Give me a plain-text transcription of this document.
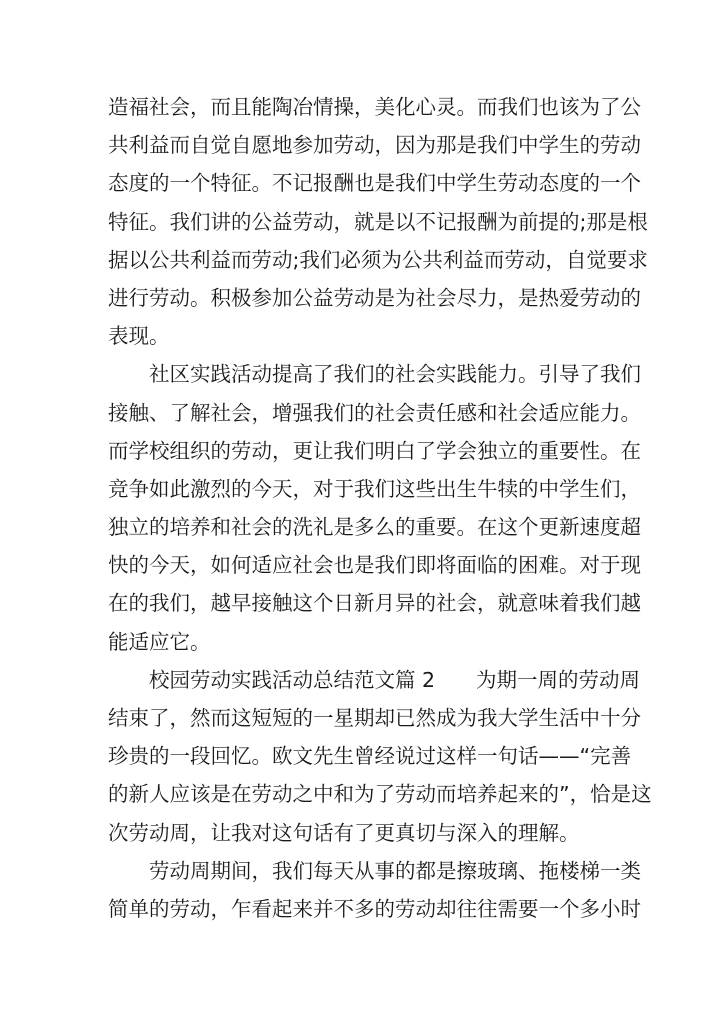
造福社会，而且能陶冶情操，美化心灵。而我们也该为了公
共利益而自觉自愿地参加劳动，因为那是我们中学生的劳动
态度的一个特征。不记报酬也是我们中学生劳动态度的一个
特征。我们讲的公益劳动，就是以不记报酬为前提的;那是根
据以公共利益而劳动;我们必须为公共利益而劳动，自觉要求
进行劳动。积极参加公益劳动是为社会尽力，是热爱劳动的
表现。
社区实践活动提高了我们的社会实践能力。引导了我们
接触、了解社会，增强我们的社会责任感和社会适应能力。
而学校组织的劳动，更让我们明白了学会独立的重要性。在
竞争如此激烈的今天，对于我们这些出生牛犊的中学生们，
独立的培养和社会的洗礼是多么的重要。在这个更新速度超
快的今天，如何适应社会也是我们即将面临的困难。对于现
在的我们，越早接触这个日新月异的社会，就意味着我们越
能适应它。
校园劳动实践活动总结范文篇 2　　为期一周的劳动周
结束了，然而这短短的一星期却已然成为我大学生活中十分
珍贵的一段回忆。欧文先生曾经说过这样一句话——“完善
的新人应该是在劳动之中和为了劳动而培养起来的”，恰是这
次劳动周，让我对这句话有了更真切与深入的理解。
劳动周期间，我们每天从事的都是擦玻璃、拖楼梯一类
简单的劳动，乍看起来并不多的劳动却往往需要一个多小时
